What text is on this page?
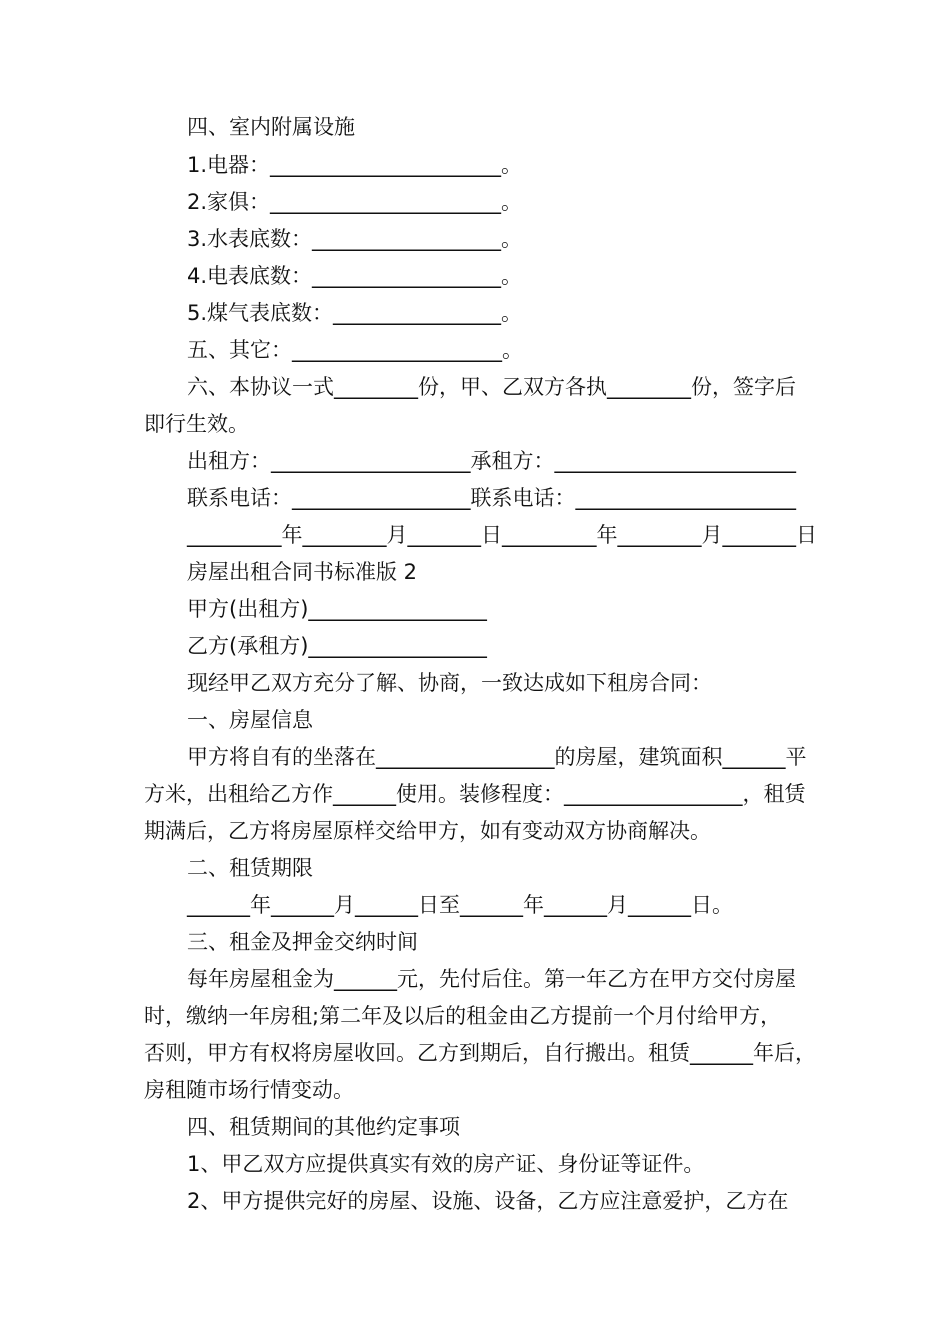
四、室内附属设施
1.电器：______________________。
2.家俱：______________________。
3.水表底数：__________________。
4.电表底数：__________________。
5.煤气表底数：________________。
五、其它：____________________。
六、本协议一式________份，甲、乙双方各执________份，签字后
即行生效。
出租方：___________________承租方：_______________________
联系电话：_________________联系电话：_____________________
_________年________月_______日_________年________月_______日
房屋出租合同书标准版 2
甲方(出租方)_________________
乙方(承租方)_________________
现经甲乙双方充分了解、协商，一致达成如下租房合同：
一、房屋信息
甲方将自有的坐落在_________________的房屋，建筑面积______平
方米，出租给乙方作______使用。装修程度：_________________，租赁
期满后，乙方将房屋原样交给甲方，如有变动双方协商解决。
二、租赁期限
______年______月______日至______年______月______日。
三、租金及押金交纳时间
每年房屋租金为______元，先付后住。第一年乙方在甲方交付房屋
时，缴纳一年房租;第二年及以后的租金由乙方提前一个月付给甲方，
否则，甲方有权将房屋收回。乙方到期后，自行搬出。租赁______年后，
房租随市场行情变动。
四、租赁期间的其他约定事项
1、甲乙双方应提供真实有效的房产证、身份证等证件。
2、甲方提供完好的房屋、设施、设备，乙方应注意爱护，乙方在
